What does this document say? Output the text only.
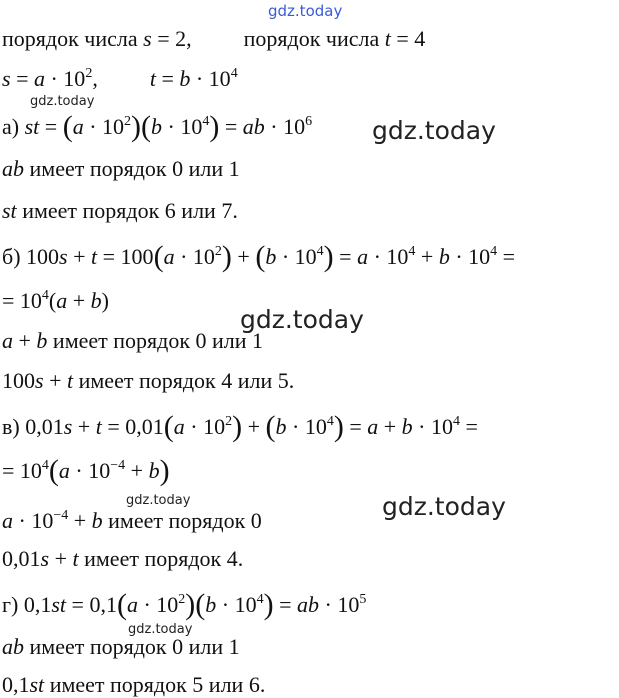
gdz.today
gdz.today
gdz.today
gdz.today
gdz.today	gdz.today
gdz.today
порядок числа s = 2, порядок числа t = 4
$s = a \cdot 10^2$, $t = b \cdot 10^4$
а) st = $(a \cdot 10^2)(b \cdot 10^4)$ = ab · $10^6$
ab имеет порядок 0 или 1
st имеет порядок 6 или 7.
б) $100s + t = 100(a \cdot 10^2) + (b \cdot 10^4) = a \cdot 10^4 + b \cdot 10^4$ =
= $10^4(a + b)$
a + b имеет порядок 0 или 1
100s + t имеет порядок 4 или 5.
в) $0,01s + t = 0,01(a \cdot 10^2) + (b \cdot 10^4) = a + b \cdot 10^4$ =
= $10^4(a \cdot 10^{-4} + b)$
$a \cdot 10^{-4} + b$ имеет порядок 0
0,01s + t имеет порядок 4.
г) $0,1st = 0,1(a \cdot 10^2)(b \cdot 10^4)$ = ab · $10^5$
ab имеет порядок 0 или 1
0,1st имеет порядок 5 или 6.
